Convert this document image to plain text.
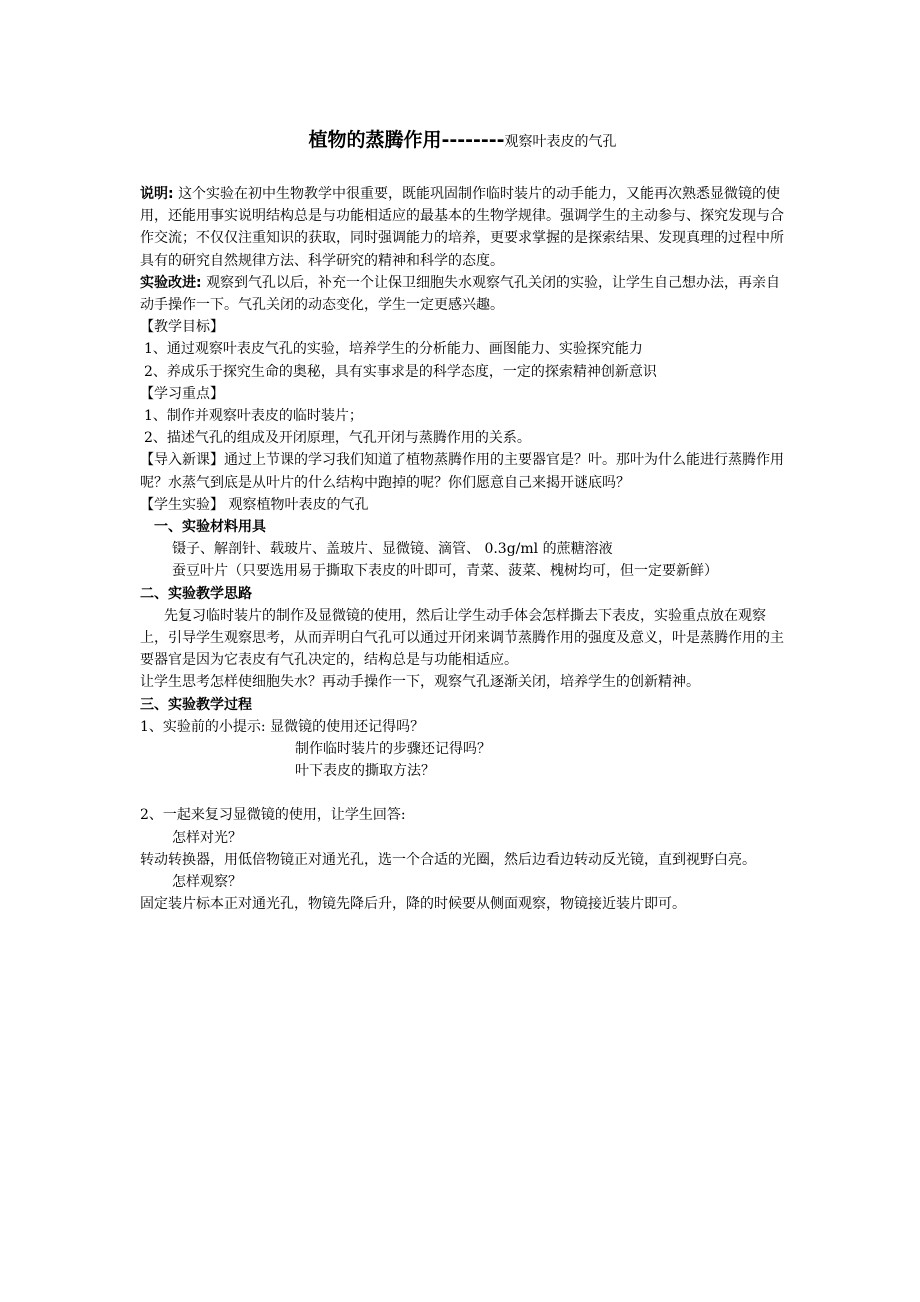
植物的蒸腾作用--------观察叶表皮的气孔

说明: 这个实验在初中生物教学中很重要，既能巩固制作临时装片的动手能力，又能再次熟悉显微镜的使用，还能用事实说明结构总是与功能相适应的最基本的生物学规律。强调学生的主动参与、探究发现与合作交流；不仅仅注重知识的获取，同时强调能力的培养，更要求掌握的是探索结果、发现真理的过程中所具有的研究自然规律方法、科学研究的精神和科学的态度。

实验改进: 观察到气孔以后，补充一个让保卫细胞失水观察气孔关闭的实验，让学生自己想办法，再亲自动手操作一下。气孔关闭的动态变化，学生一定更感兴趣。

【教学目标】

1、通过观察叶表皮气孔的实验，培养学生的分析能力、画图能力、实验探究能力

2、养成乐于探究生命的奥秘，具有实事求是的科学态度，一定的探索精神创新意识

【学习重点】

1、制作并观察叶表皮的临时装片；

2、描述气孔的组成及开闭原理，气孔开闭与蒸腾作用的关系。

【导入新课】通过上节课的学习我们知道了植物蒸腾作用的主要器官是？叶。那叶为什么能进行蒸腾作用呢？水蒸气到底是从叶片的什么结构中跑掉的呢？你们愿意自己来揭开谜底吗？

【学生实验】 观察植物叶表皮的气孔

一、实验材料用具

镊子、解剖针、载玻片、盖玻片、显微镜、滴管、 0.3g/ml 的蔗糖溶液

蚕豆叶片（只要选用易于撕取下表皮的叶即可，青菜、菠菜、槐树均可，但一定要新鲜）

二、实验教学思路

先复习临时装片的制作及显微镜的使用，然后让学生动手体会怎样撕去下表皮，实验重点放在观察上，引导学生观察思考，从而弄明白气孔可以通过开闭来调节蒸腾作用的强度及意义，叶是蒸腾作用的主要器官是因为它表皮有气孔决定的，结构总是与功能相适应。

让学生思考怎样使细胞失水？再动手操作一下，观察气孔逐渐关闭，培养学生的创新精神。

三、实验教学过程

1、实验前的小提示: 显微镜的使用还记得吗？

制作临时装片的步骤还记得吗？

叶下表皮的撕取方法？

2、一起来复习显微镜的使用，让学生回答:

怎样对光？

转动转换器，用低倍物镜正对通光孔，选一个合适的光圈，然后边看边转动反光镜，直到视野白亮。

怎样观察？

固定装片标本正对通光孔，物镜先降后升，降的时候要从侧面观察，物镜接近装片即可。
